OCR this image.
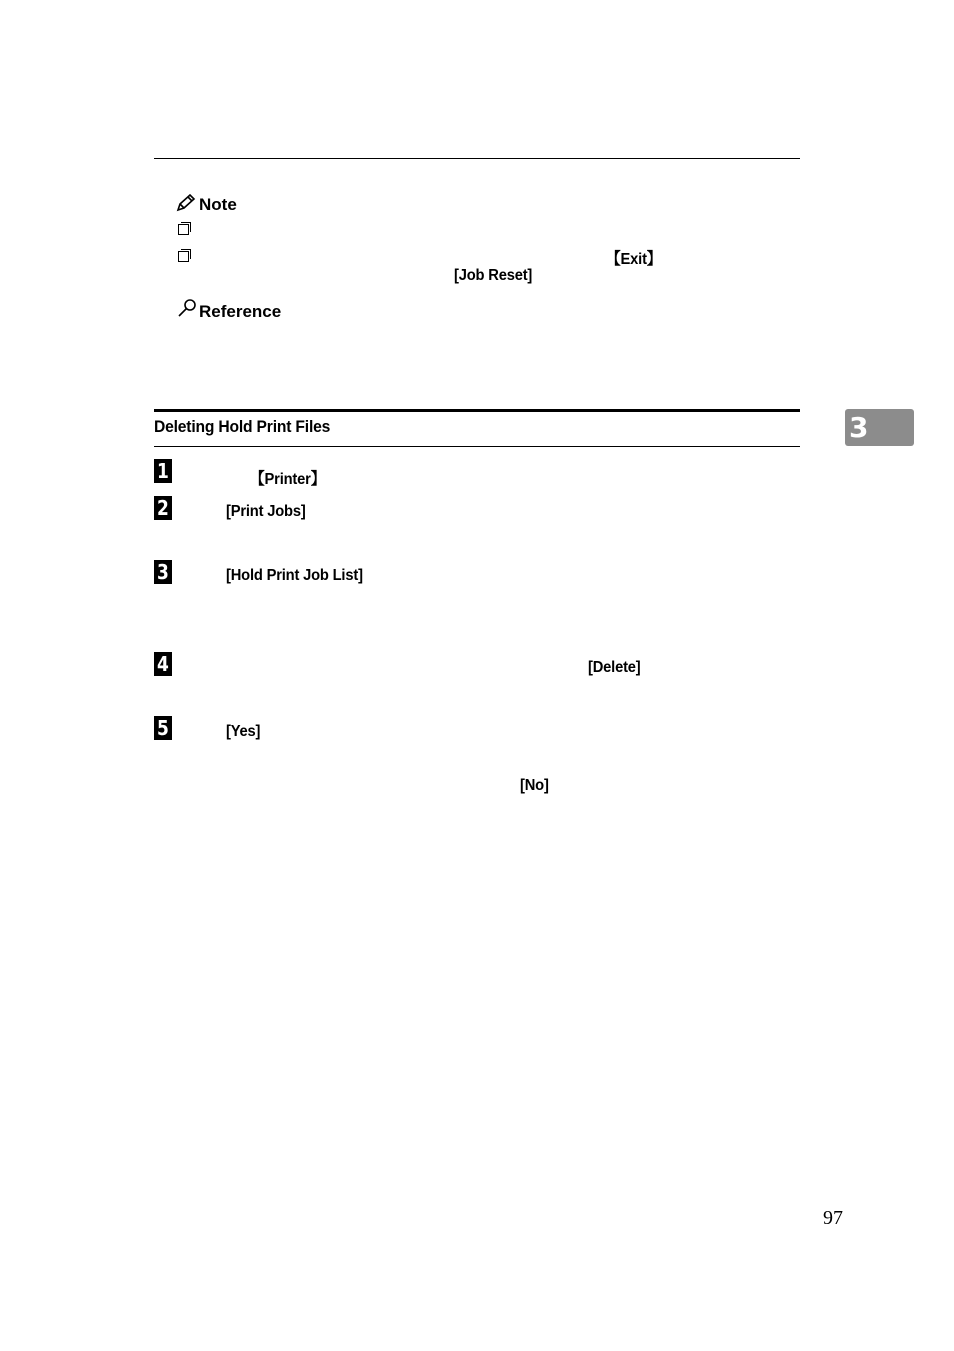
Note
【Exit】
[Job Reset]
Reference
Deleting Hold Print Files	3
1	【Printer】
2	[Print Jobs]
3	[Hold Print Job List]
4	[Delete]
5	[Yes]
[No]
97
